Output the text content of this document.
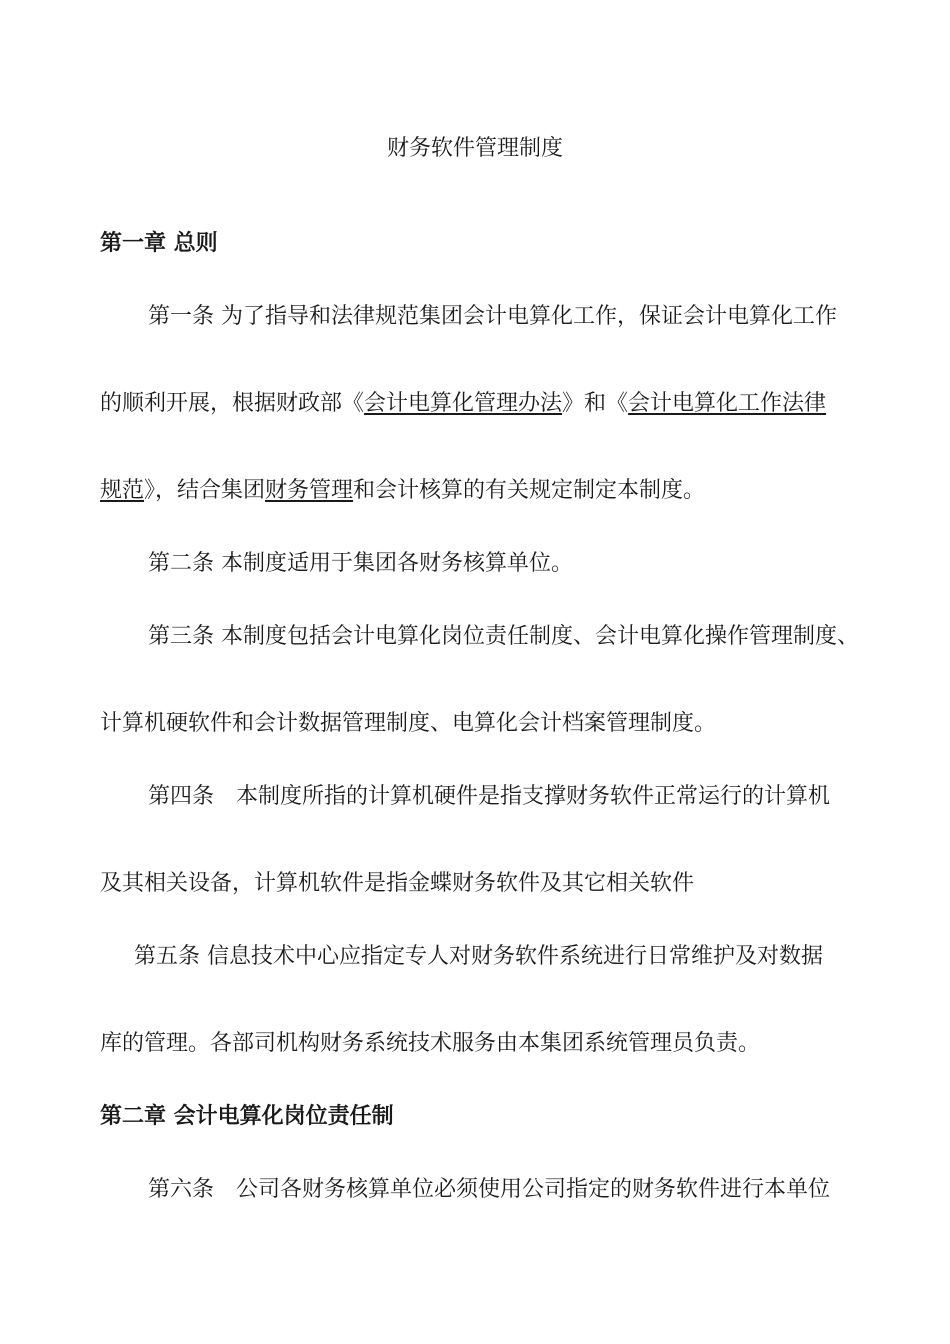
财务软件管理制度
第一章 总则
第一条 为了指导和法律规范集团会计电算化工作，保证会计电算化工作
的顺利开展，根据财政部《会计电算化管理办法》和《会计电算化工作法律
规范》，结合集团财务管理和会计核算的有关规定制定本制度。
第二条 本制度适用于集团各财务核算单位。
第三条 本制度包括会计电算化岗位责任制度、会计电算化操作管理制度、
计算机硬软件和会计数据管理制度、电算化会计档案管理制度。
第四条　本制度所指的计算机硬件是指支撑财务软件正常运行的计算机
及其相关设备，计算机软件是指金蝶财务软件及其它相关软件
第五条 信息技术中心应指定专人对财务软件系统进行日常维护及对数据
库的管理。各部司机构财务系统技术服务由本集团系统管理员负责。
第二章 会计电算化岗位责任制
第六条　公司各财务核算单位必须使用公司指定的财务软件进行本单位
